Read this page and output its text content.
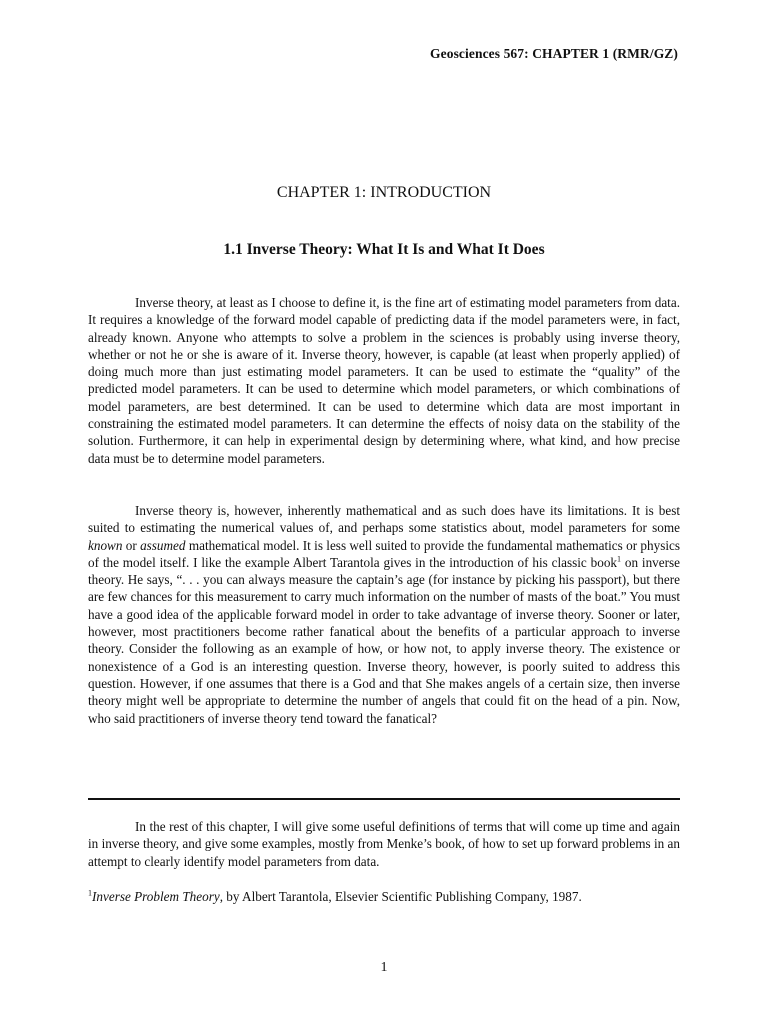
Geosciences 567: CHAPTER 1 (RMR/GZ)
CHAPTER 1: INTRODUCTION
1.1 Inverse Theory: What It Is and What It Does

Inverse theory, at least as I choose to define it, is the fine art of estimating model parameters from data. It requires a knowledge of the forward model capable of predicting data if the model parameters were, in fact, already known. Anyone who attempts to solve a problem in the sciences is probably using inverse theory, whether or not he or she is aware of it. Inverse theory, however, is capable (at least when properly applied) of doing much more than just estimating model parameters. It can be used to estimate the “quality” of the predicted model parameters. It can be used to determine which model parameters, or which combinations of model parameters, are best determined. It can be used to determine which data are most important in constraining the estimated model parameters. It can determine the effects of noisy data on the stability of the solution. Furthermore, it can help in experimental design by determining where, what kind, and how precise data must be to determine model parameters.

Inverse theory is, however, inherently mathematical and as such does have its limitations. It is best suited to estimating the numerical values of, and perhaps some statistics about, model parameters for some known or assumed mathematical model. It is less well suited to provide the fundamental mathematics or physics of the model itself. I like the example Albert Tarantola gives in the introduction of his classic book$^1$ on inverse theory. He says, “. . . you can always measure the captain’s age (for instance by picking his passport), but there are few chances for this measurement to carry much information on the number of masts of the boat.” You must have a good idea of the applicable forward model in order to take advantage of inverse theory. Sooner or later, however, most practitioners become rather fanatical about the benefits of a particular approach to inverse theory. Consider the following as an example of how, or how not, to apply inverse theory. The existence or nonexistence of a God is an interesting question. Inverse theory, however, is poorly suited to address this question. However, if one assumes that there is a God and that She makes angels of a certain size, then inverse theory might well be appropriate to determine the number of angels that could fit on the head of a pin. Now, who said practitioners of inverse theory tend toward the fanatical?

In the rest of this chapter, I will give some useful definitions of terms that will come up time and again in inverse theory, and give some examples, mostly from Menke’s book, of how to set up forward problems in an attempt to clearly identify model parameters from data.

$^1$Inverse Problem Theory, by Albert Tarantola, Elsevier Scientific Publishing Company, 1987.
1
